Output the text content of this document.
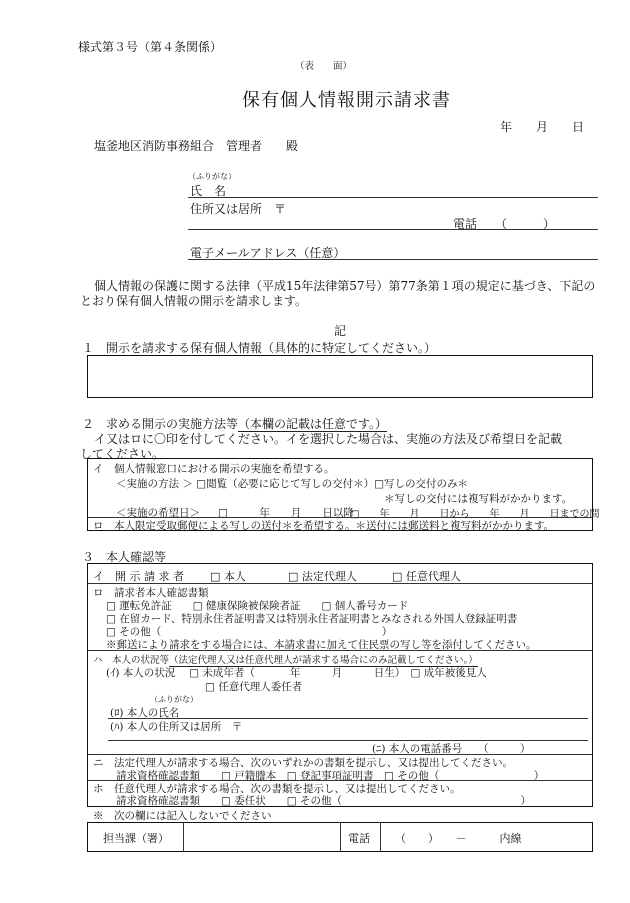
様式第３号（第４条関係）
（表　　面）
保有個人情報開示請求書
年　　月　　日
塩釜地区消防事務組合　管理者　　殿
（ふりがな）
氏　名
住所又は居所　〒
電話　　（　　　）
電子メールアドレス（任意）
個人情報の保護に関する法律（平成15年法律第57号）第77条第１項の規定に基づき、下記の
とおり保有個人情報の開示を請求します。
記
１　開示を請求する保有個人情報（具体的に特定してください。）
２　求める開示の実施方法等（本欄の記載は任意です。）
イ又はロに〇印を付してください。イを選択した場合は、実施の方法及び希望日を記載
してください。
イ　個人情報窓口における開示の実施を希望する。
＜実施の方法 ＞ □閲覧（必要に応じて写しの交付＊）□写しの交付のみ＊
＊写しの交付には複写料がかかります。
＜実施の希望日＞ □　　　年　　月　　日以降
□　　年　　月　　日から　　年　　月　　日までの間
ロ　本人限定受取郵便による写しの送付＊を希望する。＊送付には郵送料と複写料がかかります。
３　本人確認等
イ　開 示 請 求 者 □ 本人	□ 法定代理人	□ 任意代理人
ロ　請求者本人確認書類
□ 運転免許証　　□ 健康保険被保険者証　　□ 個人番号カード
□ 在留カード、特別永住者証明書又は特別永住者証明書とみなされる外国人登録証明書
□ その他（　　　　　　　　　　　　　　　　　　　　　）
※郵送により請求をする場合には、本請求書に加えて住民票の写し等を添付してください。
ハ　本人の状況等（法定代理人又は任意代理人が請求する場合にのみ記載してください。）
(ｲ) 本人の状況　 □ 未成年者（　　　 年　　　月　　　日生）　□ 成年被後見人
□ 任意代理人委任者
（ふりがな）
(ﾛ) 本人の氏名
(ﾊ) 本人の住所又は居所　〒
(ﾆ) 本人の電話番号　　（　　　）
ニ　法定代理人が請求する場合、次のいずれかの書類を提示し、又は提出してください。
請求資格確認書類　　□ 戸籍謄本　□ 登記事項証明書　□ その他（　　　　　　　　　）
ホ　任意代理人が請求する場合、次の書類を提示し、又は提出してください。
請求資格確認書類　　□ 委任状　　□ その他（　　　　　　　　　　　　　　　　　）
※　次の欄には記入しないでください
担当課（署）	電話 （　　）　　－　　　内線
